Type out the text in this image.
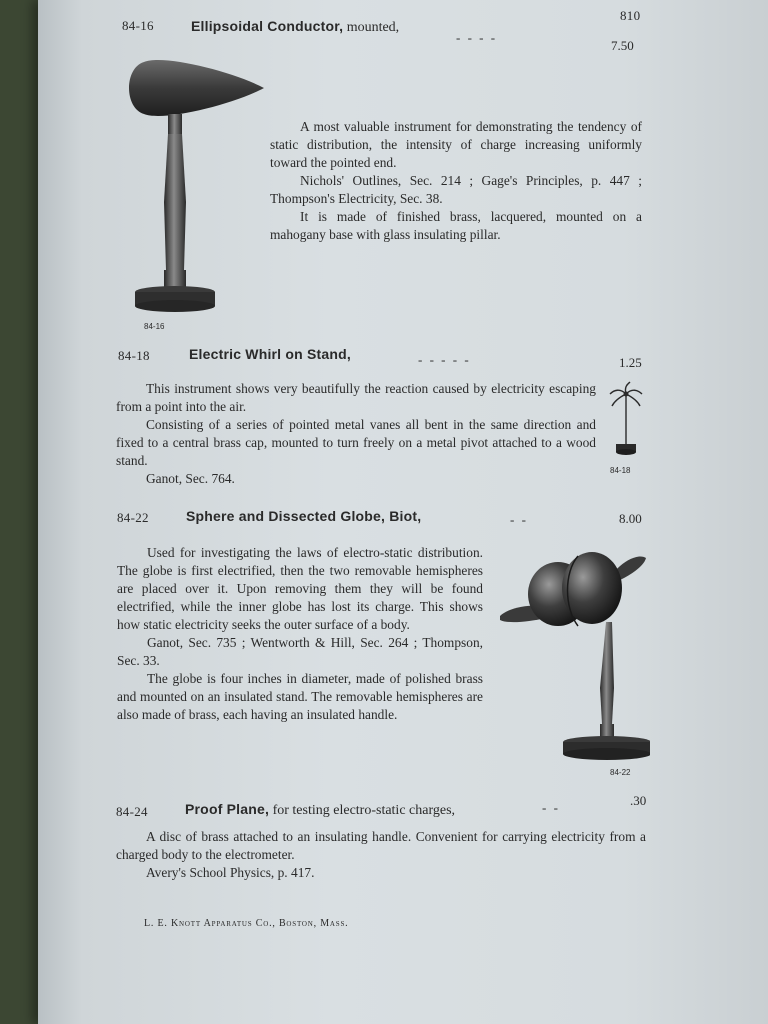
810
84-16	Ellipsoidal Conductor, mounted,
- - - -
7.50
84-16

A most valuable instrument for demonstrating the tendency of static distribution, the intensity of charge increasing uniformly toward the pointed end.

Nichols' Outlines, Sec. 214 ; Gage's Principles, p. 447 ; Thompson's Electricity, Sec. 38.

It is made of finished brass, lacquered, mounted on a mahogany base with glass insulating pillar.

84-18	Electric Whirl on Stand,	- - - - -	1.25

This instrument shows very beautifully the reaction caused by electricity escaping from a point into the air.

Consisting of a series of pointed metal vanes all bent in the same direction and fixed to a central brass cap, mounted to turn freely on a metal pivot attached to a wood stand.

Ganot, Sec. 764.

84-18
84-22	Sphere and Dissected Globe, Biot,	- -	8.00

Used for investigating the laws of electro-static distribution. The globe is first electrified, then the two removable hemispheres are placed over it. Upon removing them they will be found electrified, while the inner globe has lost its charge. This shows how static electricity seeks the outer surface of a body.

Ganot, Sec. 735 ; Wentworth & Hill, Sec. 264 ; Thompson, Sec. 33.

The globe is four inches in diameter, made of polished brass and mounted on an insulated stand. The removable hemispheres are also made of brass, each having an insulated handle.

84-22
84-24	Proof Plane, for testing electro-static charges,	- -	.30

A disc of brass attached to an insulating handle. Convenient for carrying electricity from a charged body to the electrometer.

Avery's School Physics, p. 417.

L. E. Knott Apparatus Co., Boston, Mass.
